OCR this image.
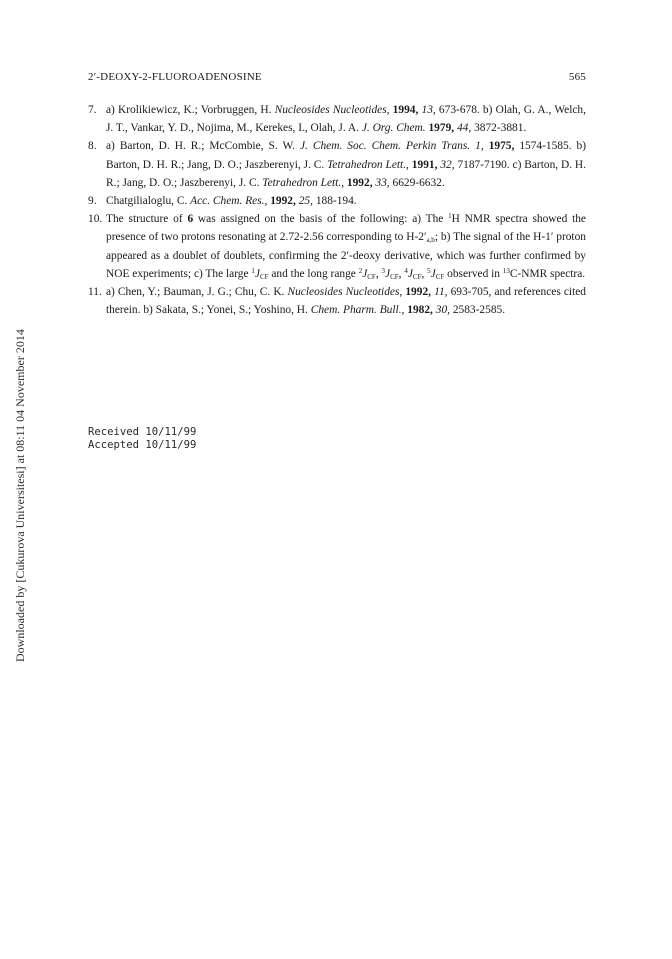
2′-DEOXY-2-FLUOROADENOSINE	565

7. a) Krolikiewicz, K.; Vorbruggen, H. Nucleosides Nucleotides, 1994, 13, 673-678. b) Olah, G. A., Welch, J. T., Vankar, Y. D., Nojima, M., Kerekes, I., Olah, J. A. J. Org. Chem. 1979, 44, 3872-3881.

8. a) Barton, D. H. R.; McCombie, S. W. J. Chem. Soc. Chem. Perkin Trans. 1, 1975, 1574-1585. b) Barton, D. H. R.; Jang, D. O.; Jaszberenyi, J. C. Tetrahedron Lett., 1991, 32, 7187-7190. c) Barton, D. H. R.; Jang, D. O.; Jaszberenyi, J. C. Tetrahedron Lett., 1992, 33, 6629-6632.

9. Chatgilialoglu, C. Acc. Chem. Res., 1992, 25, 188-194.

10. The structure of 6 was assigned on the basis of the following: a) The $^1$H NMR spectra showed the presence of two protons resonating at 2.72-2.56 corresponding to $H-2'_{a,b}$; b) The signal of the H-1′ proton appeared as a doublet of doublets, confirming the 2′-deoxy derivative, which was further confirmed by NOE experiments; c) The large $^1J_{CF}$ and the long range $^2J_{CF}$, $^3J_{CF}$, $^4J_{CF}$, $^5J_{CF}$ observed in $^{13}$C-NMR spectra.

11. a) Chen, Y.; Bauman, J. G.; Chu, C. K. Nucleosides Nucleotides, 1992, 11, 693-705, and references cited therein. b) Sakata, S.; Yonei, S.; Yoshino, H. Chem. Pharm. Bull., 1982, 30, 2583-2585.

Received 10/11/99
Accepted 10/11/99
Downloaded by [Cukurova Universitesi] at 08:11 04 November 2014
